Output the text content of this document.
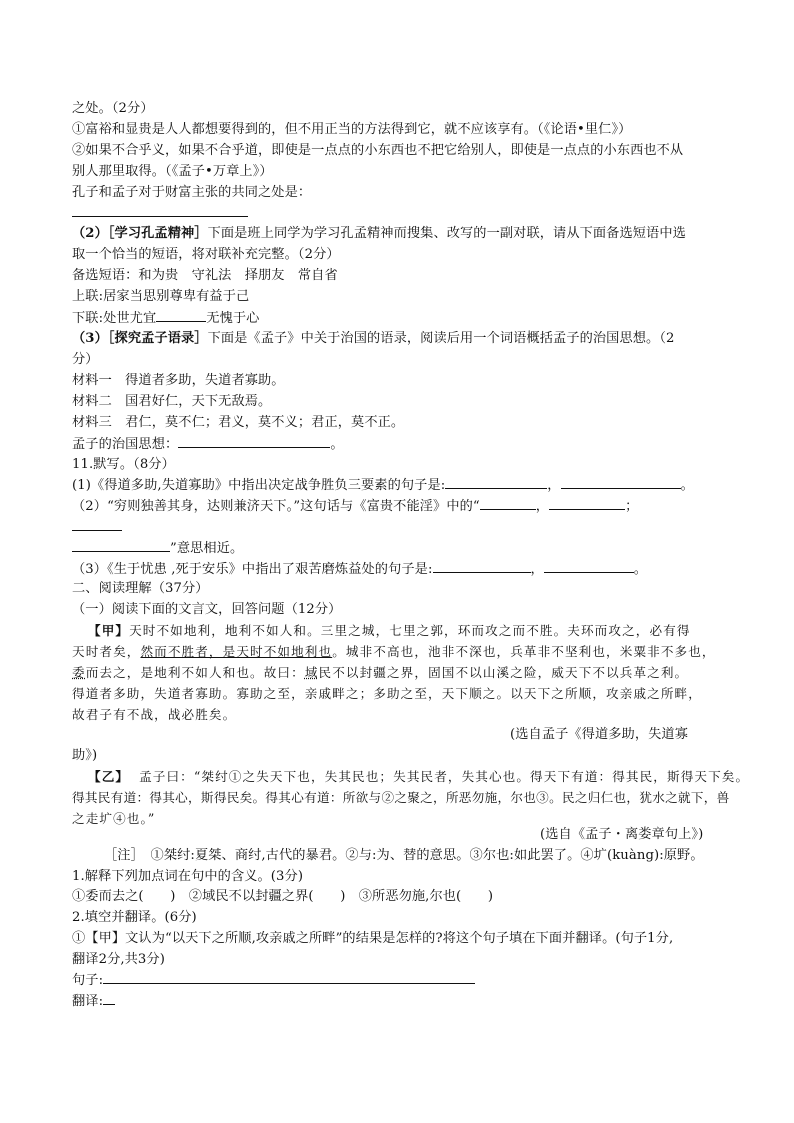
之处。（2分）
①富裕和显贵是人人都想要得到的，但不用正当的方法得到它，就不应该享有。（《论语•里仁》）
②如果不合乎义，如果不合乎道，即使是一点点的小东西也不把它给别人，即使是一点点的小东西也不从
别人那里取得。（《孟子•万章上》）
孔子和孟子对于财富主张的共同之处是：
（2）［学习孔孟精神］下面是班上同学为学习孔孟精神而搜集、改写的一副对联，请从下面备选短语中选
取一个恰当的短语，将对联补充完整。（2分）
备选短语：和为贵　守礼法　择朋友　常自省
上联:居家当思别尊卑有益于己
下联:处世尤宜	无愧于心
（3）［探究孟子语录］下面是《孟子》中关于治国的语录，阅读后用一个词语概括孟子的治国思想。（2
分）
材料一　得道者多助，失道者寡助。
材料二　国君好仁，天下无敌焉。
材料三　君仁，莫不仁；君义，莫不义；君正，莫不正。
孟子的治国思想：	。
11.默写。（8分）
(1)《得道多助,失道寡助》中指出决定战争胜负三要素的句子是:	，	。
（2）“穷则独善其身，达则兼济天下。”这句话与《富贵不能淫》中的“	，	；
”意思相近。
（3）《生于忧患 ,死于安乐》中指出了艰苦磨炼益处的句子是:	，	。
二、阅读理解（37分）
（一）阅读下面的文言文，回答问题（12分）
【甲】天时不如地利，地利不如人和。三里之城，七里之郭，环而攻之而不胜。夫环而攻之，必有得
天时者矣，然而不胜者，是天时不如地利也。城非不高也，池非不深也，兵革非不坚利也，米粟非不多也，
委而去之，是地利不如人和也。故曰：域民不以封疆之界，固国不以山溪之险，威天下不以兵革之利。
得道者多助，失道者寡助。寡助之至，亲戚畔之；多助之至，天下顺之。以天下之所顺，攻亲戚之所畔，
故君子有不战，战必胜矣。
(选自孟子《得道多助，失道寡
助》)
【乙】 孟子曰：“桀纣①之失天下也，失其民也；失其民者，失其心也。得天下有道：得其民，斯得天下矣。
得其民有道：得其心，斯得民矣。得其心有道：所欲与②之聚之，所恶勿施，尔也③。民之归仁也，犹水之就下，兽
之走圹④也。”
(选自《孟子・离娄章句上》)
［注］　①桀纣:夏桀、商纣,古代的暴君。②与:为、替的意思。③尔也:如此罢了。④圹(kuàng):原野。
1.解释下列加点词在句中的含义。(3分)
①委而去之(　　)　②域民不以封疆之界(　　)　③所恶勿施,尔也(　　)
2.填空并翻译。(6分)
①【甲】文认为“以天下之所顺,攻亲戚之所畔”的结果是怎样的?将这个句子填在下面并翻译。(句子1分,
翻译2分,共3分)
句子:
翻译:
